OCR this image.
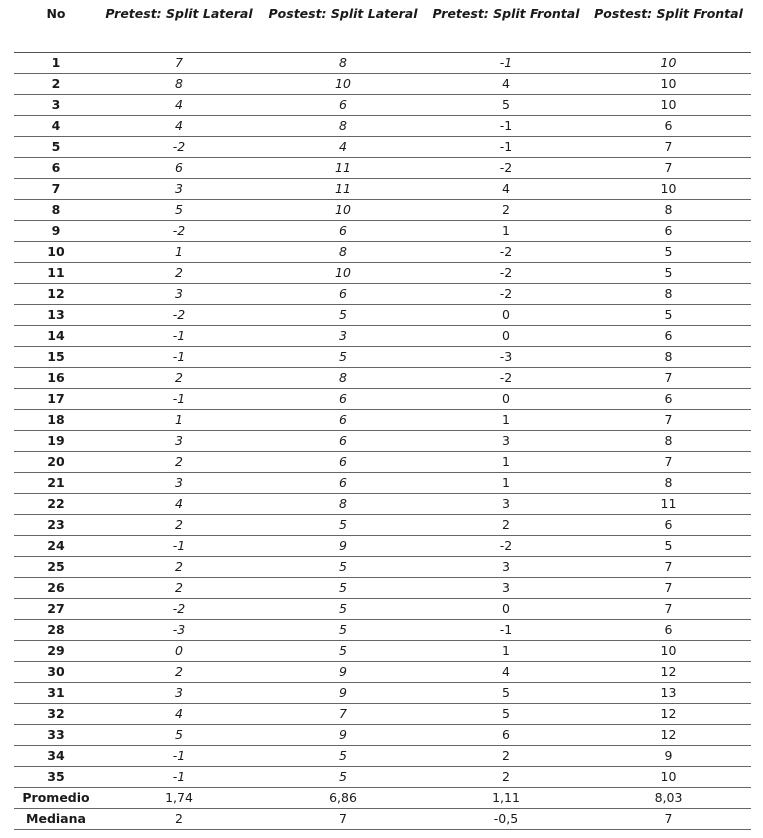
No	Pretest: Split Lateral	Postest: Split Lateral	Pretest: Split Frontal	Postest: Split Frontal
1	7	8	-1	10
2	8	10	4	10
3	4	6	5	10
4	4	8	-1	6
5	-2	4	-1	7
6	6	11	-2	7
7	3	11	4	10
8	5	10	2	8
9	-2	6	1	6
10	1	8	-2	5
11	2	10	-2	5
12	3	6	-2	8
13	-2	5	0	5
14	-1	3	0	6
15	-1	5	-3	8
16	2	8	-2	7
17	-1	6	0	6
18	1	6	1	7
19	3	6	3	8
20	2	6	1	7
21	3	6	1	8
22	4	8	3	11
23	2	5	2	6
24	-1	9	-2	5
25	2	5	3	7
26	2	5	3	7
27	-2	5	0	7
28	-3	5	-1	6
29	0	5	1	10
30	2	9	4	12
31	3	9	5	13
32	4	7	5	12
33	5	9	6	12
34	-1	5	2	9
35	-1	5	2	10
Promedio	1,74	6,86	1,11	8,03
Mediana	2	7	-0,5	7
